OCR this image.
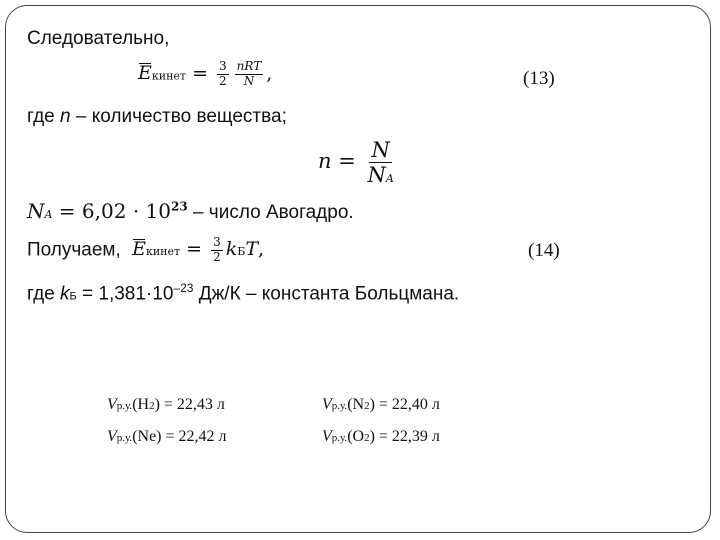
Следовательно,
Eкинет = $\frac{3}{2} \frac{\text{nRT}}{N}$ ,	(13)
где n – количество вещества;
$n = \frac{N}{NA}$
NA = $6,02 \cdot 10^{23}$ – число Авогадро.
Получаем, Eкинет = $\frac{3}{2}$ kБT,	(14)
где kБ = $1,381\cdot 10^{-23}$ Дж/К – константа Больцмана.
Vр.у.(H2) = 22,43 л	Vр.у.(N2) = 22,40 л
Vр.у.(Ne) = 22,42 л	Vр.у.(O2) = 22,39 л
